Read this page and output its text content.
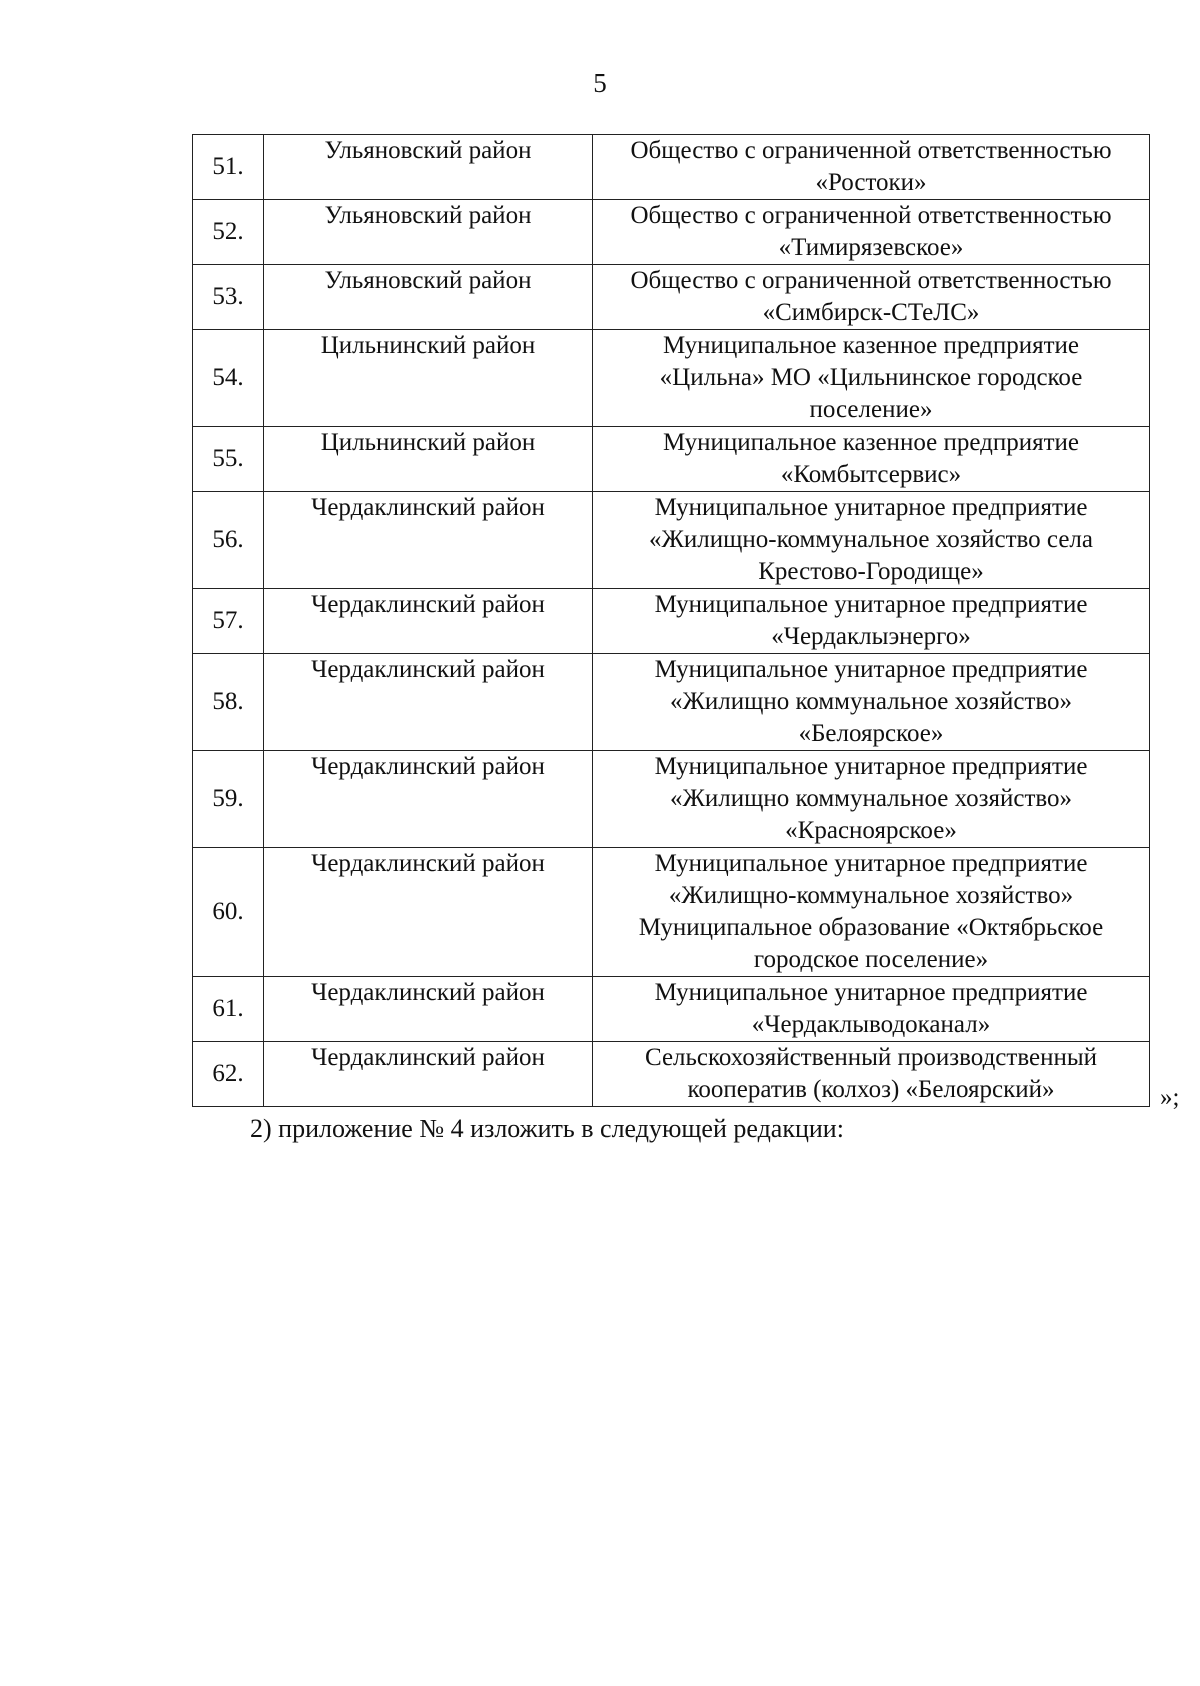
5
51.	Ульяновский район	Общество с ограниченной ответственностью
«Ростоки»
52.	Ульяновский район	Общество с ограниченной ответственностью
«Тимирязевское»
53.	Ульяновский район	Общество с ограниченной ответственностью
«Симбирск-СТеЛС»
54.	Цильнинский район	Муниципальное казенное предприятие
«Цильна» МО «Цильнинское городское
поселение»
55.	Цильнинский район	Муниципальное казенное предприятие
«Комбытсервис»
56.	Чердаклинский район	Муниципальное унитарное предприятие
«Жилищно-коммунальное хозяйство села
Крестово-Городище»
57.	Чердаклинский район	Муниципальное унитарное предприятие
«Чердаклыэнерго»
58.	Чердаклинский район	Муниципальное унитарное предприятие
«Жилищно коммунальное хозяйство»
«Белоярское»
59.	Чердаклинский район	Муниципальное унитарное предприятие
«Жилищно коммунальное хозяйство»
«Красноярское»
60.	Чердаклинский район	Муниципальное унитарное предприятие
«Жилищно-коммунальное хозяйство»
Муниципальное образование «Октябрьское
городское поселение»
61.	Чердаклинский район	Муниципальное унитарное предприятие
«Чердаклыводоканал»
62.	Чердаклинский район	Сельскохозяйственный производственный
кооператив (колхоз) «Белоярский»	»;
2) приложение № 4 изложить в следующей редакции:
